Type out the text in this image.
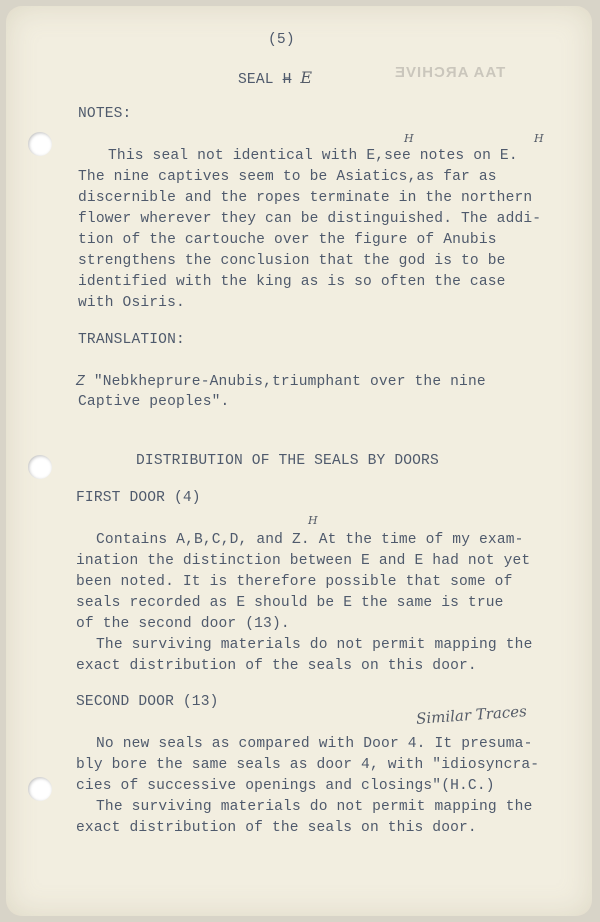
TAA ARCHIVE
(5)
SEAL H E
NOTES:
H	H
This seal not identical with E,see notes on E.
The nine captives seem to be Asiatics,as far as
discernible and the ropes terminate in the northern
flower wherever they can be distinguished. The addi-
tion of the cartouche over the figure of Anubis
strengthens the conclusion that the god is to be
identified with the king as is so often the case
with Osiris.
TRANSLATION:
Z "Nebkheprure-Anubis,triumphant over the nine
Captive peoples".
DISTRIBUTION OF THE SEALS BY DOORS
FIRST DOOR (4)
H
Contains A,B,C,D, and Z. At the time of my exam-
ination the distinction between E and E had not yet
been noted. It is therefore possible that some of
seals recorded as E should be E the same is true
of the second door (13).
The surviving materials do not permit mapping the
exact distribution of the seals on this door.
SECOND DOOR (13)
Similar Traces
No new seals as compared with Door 4. It presuma-
bly bore the same seals as door 4, with "idiosyncra-
cies of successive openings and closings"(H.C.)
The surviving materials do not permit mapping the
exact distribution of the seals on this door.
